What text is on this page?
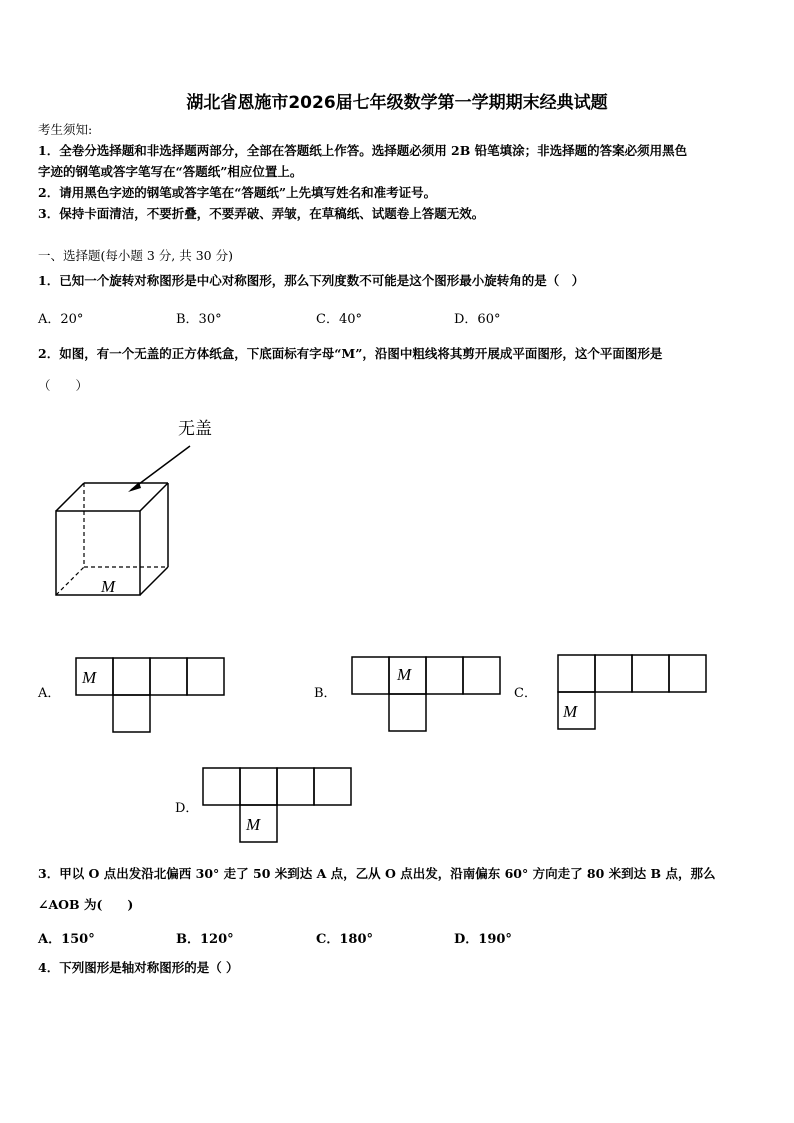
湖北省恩施市2026届七年级数学第一学期期末经典试题
考生须知:
1．全卷分选择题和非选择题两部分，全部在答题纸上作答。选择题必须用 2B 铅笔填涂；非选择题的答案必须用黑色
字迹的钢笔或答字笔写在“答题纸”相应位置上。
2．请用黑色字迹的钢笔或答字笔在“答题纸”上先填写姓名和准考证号。
3．保持卡面清洁，不要折叠，不要弄破、弄皱，在草稿纸、试题卷上答题无效。
一、选择题(每小题 3 分, 共 30 分)
1．已知一个旋转对称图形是中心对称图形，那么下列度数不可能是这个图形最小旋转角的是（　）
A．20°	B．30°	C．40°	D．60°
2．如图，有一个无盖的正方体纸盒，下底面标有字母“M”，沿图中粗线将其剪开展成平面图形，这个平面图形是
（　　）
无盖
M
A．
M
B．
M
C．
M
D．
M
3．甲以 O 点出发沿北偏西 30° 走了 50 米到达 A 点，乙从 O 点出发，沿南偏东 60° 方向走了 80 米到达 B 点，那么
∠AOB 为(　　)
A．150°	B．120°	C．180°	D．190°
4．下列图形是轴对称图形的是（ ）
